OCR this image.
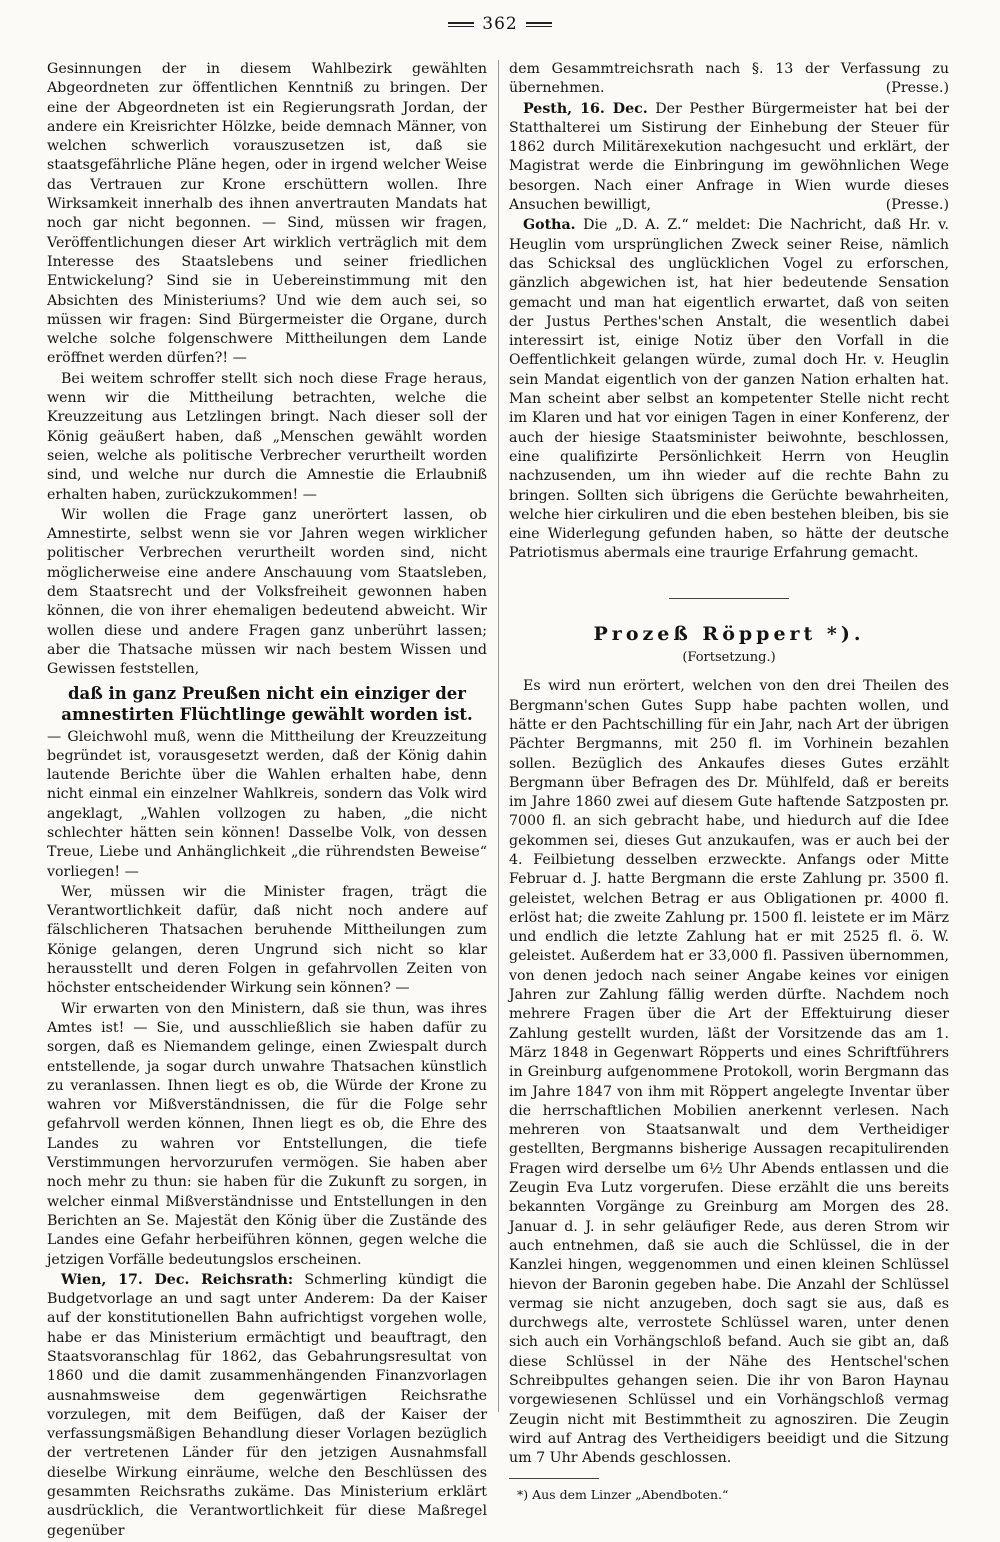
362

Gesinnungen der in diesem Wahlbezirk gewählten Abgeordneten zur öffentlichen Kenntniß zu bringen. Der eine der Abgeordneten ist ein Regierungsrath Jordan, der andere ein Kreisrichter Hölzke, beide demnach Männer, von welchen schwerlich vorauszusetzen ist, daß sie staatsgefährliche Pläne hegen, oder in irgend welcher Weise das Vertrauen zur Krone erschüttern wollen. Ihre Wirksamkeit innerhalb des ihnen anvertrauten Mandats hat noch gar nicht begonnen. — Sind, müssen wir fragen, Veröffentlichungen dieser Art wirklich verträglich mit dem Interesse des Staatslebens und seiner friedlichen Entwickelung? Sind sie in Uebereinstimmung mit den Absichten des Ministeriums? Und wie dem auch sei, so müssen wir fragen: Sind Bürgermeister die Organe, durch welche solche folgenschwere Mittheilungen dem Lande eröffnet werden dürfen?! —

Bei weitem schroffer stellt sich noch diese Frage heraus, wenn wir die Mittheilung betrachten, welche die Kreuzzeitung aus Letzlingen bringt. Nach dieser soll der König geäußert haben, daß „Menschen gewählt worden seien, welche als politische Verbrecher verurtheilt worden sind, und welche nur durch die Amnestie die Erlaubniß erhalten haben, zurückzukommen! —

Wir wollen die Frage ganz unerörtert lassen, ob Amnestirte, selbst wenn sie vor Jahren wegen wirklicher politischer Verbrechen verurtheilt worden sind, nicht möglicherweise eine andere Anschauung vom Staatsleben, dem Staatsrecht und der Volksfreiheit gewonnen haben können, die von ihrer ehemaligen bedeutend abweicht. Wir wollen diese und andere Fragen ganz unberührt lassen; aber die Thatsache müssen wir nach bestem Wissen und Gewissen feststellen,

daß in ganz Preußen nicht ein einziger der amnestirten Flüchtlinge gewählt worden ist.

— Gleichwohl muß, wenn die Mittheilung der Kreuzzeitung begründet ist, vorausgesetzt werden, daß der König dahin lautende Berichte über die Wahlen erhalten habe, denn nicht einmal ein einzelner Wahlkreis, sondern das Volk wird angeklagt, „Wahlen vollzogen zu haben, „die nicht schlechter hätten sein können! Dasselbe Volk, von dessen Treue, Liebe und Anhänglichkeit „die rührendsten Beweise“ vorliegen! —

Wer, müssen wir die Minister fragen, trägt die Verantwortlichkeit dafür, daß nicht noch andere auf fälschlicheren Thatsachen beruhende Mittheilungen zum Könige gelangen, deren Ungrund sich nicht so klar herausstellt und deren Folgen in gefahrvollen Zeiten von höchster entscheidender Wirkung sein können? —

Wir erwarten von den Ministern, daß sie thun, was ihres Amtes ist! — Sie, und ausschließlich sie haben dafür zu sorgen, daß es Niemandem gelinge, einen Zwiespalt durch entstellende, ja sogar durch unwahre Thatsachen künstlich zu veranlassen. Ihnen liegt es ob, die Würde der Krone zu wahren vor Mißverständnissen, die für die Folge sehr gefahrvoll werden können, Ihnen liegt es ob, die Ehre des Landes zu wahren vor Entstellungen, die tiefe Verstimmungen hervorzurufen vermögen. Sie haben aber noch mehr zu thun: sie haben für die Zukunft zu sorgen, in welcher einmal Mißverständnisse und Entstellungen in den Berichten an Se. Majestät den König über die Zustände des Landes eine Gefahr herbeiführen können, gegen welche die jetzigen Vorfälle bedeutungslos erscheinen.

Wien, 17. Dec. Reichsrath: Schmerling kündigt die Budgetvorlage an und sagt unter Anderem: Da der Kaiser auf der konstitutionellen Bahn aufrichtigst vorgehen wolle, habe er das Ministerium ermächtigt und beauftragt, den Staatsvoranschlag für 1862, das Gebahrungsresultat von 1860 und die damit zusammenhängenden Finanzvorlagen ausnahmsweise dem gegenwärtigen Reichsrathe vorzulegen, mit dem Beifügen, daß der Kaiser der verfassungsmäßigen Behandlung dieser Vorlagen bezüglich der vertretenen Länder für den jetzigen Ausnahmsfall dieselbe Wirkung einräume, welche den Beschlüssen des gesammten Reichsraths zukäme. Das Ministerium erklärt ausdrücklich, die Verantwortlichkeit für diese Maßregel gegenüber

dem Gesammtreichsrath nach §. 13 der Verfassung zu übernehmen.	(Presse.)

Pesth, 16. Dec. Der Pesther Bürgermeister hat bei der Statthalterei um Sistirung der Einhebung der Steuer für 1862 durch Militärexekution nachgesucht und erklärt, der Magistrat werde die Einbringung im gewöhnlichen Wege besorgen. Nach einer Anfrage in Wien wurde dieses Ansuchen bewilligt,	(Presse.)

Gotha. Die „D. A. Z.“ meldet: Die Nachricht, daß Hr. v. Heuglin vom ursprünglichen Zweck seiner Reise, nämlich das Schicksal des unglücklichen Vogel zu erforschen, gänzlich abgewichen ist, hat hier bedeutende Sensation gemacht und man hat eigentlich erwartet, daß von seiten der Justus Perthes'schen Anstalt, die wesentlich dabei interessirt ist, einige Notiz über den Vorfall in die Oeffentlichkeit gelangen würde, zumal doch Hr. v. Heuglin sein Mandat eigentlich von der ganzen Nation erhalten hat. Man scheint aber selbst an kompetenter Stelle nicht recht im Klaren und hat vor einigen Tagen in einer Konferenz, der auch der hiesige Staatsminister beiwohnte, beschlossen, eine qualifizirte Persönlichkeit Herrn von Heuglin nachzusenden, um ihn wieder auf die rechte Bahn zu bringen. Sollten sich übrigens die Gerüchte bewahrheiten, welche hier cirkuliren und die eben bestehen bleiben, bis sie eine Widerlegung gefunden haben, so hätte der deutsche Patriotismus abermals eine traurige Erfahrung gemacht.

Prozeß Röppert *).
(Fortsetzung.)

Es wird nun erörtert, welchen von den drei Theilen des Bergmann'schen Gutes Supp habe pachten wollen, und hätte er den Pachtschilling für ein Jahr, nach Art der übrigen Pächter Bergmanns, mit 250 fl. im Vorhinein bezahlen sollen. Bezüglich des Ankaufes dieses Gutes erzählt Bergmann über Befragen des Dr. Mühlfeld, daß er bereits im Jahre 1860 zwei auf diesem Gute haftende Satzposten pr. 7000 fl. an sich gebracht habe, und hiedurch auf die Idee gekommen sei, dieses Gut anzukaufen, was er auch bei der 4. Feilbietung desselben erzweckte. Anfangs oder Mitte Februar d. J. hatte Bergmann die erste Zahlung pr. 3500 fl. geleistet, welchen Betrag er aus Obligationen pr. 4000 fl. erlöst hat; die zweite Zahlung pr. 1500 fl. leistete er im März und endlich die letzte Zahlung hat er mit 2525 fl. ö. W. geleistet. Außerdem hat er 33,000 fl. Passiven übernommen, von denen jedoch nach seiner Angabe keines vor einigen Jahren zur Zahlung fällig werden dürfte. Nachdem noch mehrere Fragen über die Art der Effektuirung dieser Zahlung gestellt wurden, läßt der Vorsitzende das am 1. März 1848 in Gegenwart Röpperts und eines Schriftführers in Greinburg aufgenommene Protokoll, worin Bergmann das im Jahre 1847 von ihm mit Röppert angelegte Inventar über die herrschaftlichen Mobilien anerkennt verlesen. Nach mehreren von Staatsanwalt und dem Vertheidiger gestellten, Bergmanns bisherige Aussagen recapitulirenden Fragen wird derselbe um 6½ Uhr Abends entlassen und die Zeugin Eva Lutz vorgerufen. Diese erzählt die uns bereits bekannten Vorgänge zu Greinburg am Morgen des 28. Januar d. J. in sehr geläufiger Rede, aus deren Strom wir auch entnehmen, daß sie auch die Schlüssel, die in der Kanzlei hingen, weggenommen und einen kleinen Schlüssel hievon der Baronin gegeben habe. Die Anzahl der Schlüssel vermag sie nicht anzugeben, doch sagt sie aus, daß es durchwegs alte, verrostete Schlüssel waren, unter denen sich auch ein Vorhängschloß befand. Auch sie gibt an, daß diese Schlüssel in der Nähe des Hentschel'schen Schreibpultes gehangen seien. Die ihr von Baron Haynau vorgewiesenen Schlüssel und ein Vorhängschloß vermag Zeugin nicht mit Bestimmtheit zu agnosziren. Die Zeugin wird auf Antrag des Vertheidigers beeidigt und die Sitzung um 7 Uhr Abends geschlossen.

*) Aus dem Linzer „Abendboten.“
